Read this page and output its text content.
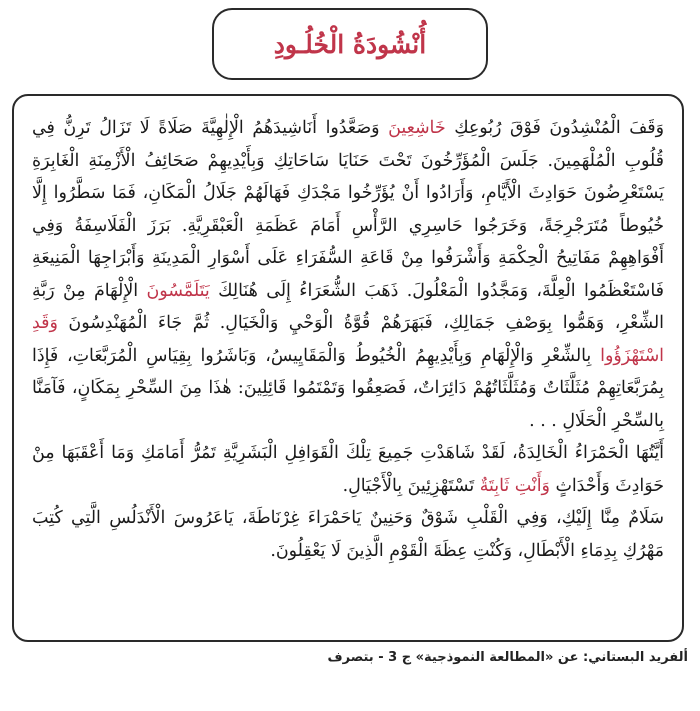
أُنْشُودَةُ الْخُلُـودِ

وَقَفَ الْمُنْشِدُونَ فَوْقَ رُبُوعِكِ خَاشِعِينَ وَصَعَّدُوا أَنَاشِيدَهُمُ الْإِلٰهِيَّةَ صَلَاةً لَا تَزَالُ تَرِنُّ فِي قُلُوبِ الْمُلْهَمِينَ. جَلَسَ الْمُؤَرِّخُونَ تَحْتَ حَنَايَا سَاحَاتِكِ وَبِأَيْدِيهِمْ صَحَائِفُ الْأَزْمِنَةِ الْغَابِرَةِ يَسْتَعْرِضُونَ حَوَادِثَ الْأَيَّامِ، وَأَرَادُوا أَنْ يُؤَرِّخُوا مَجْدَكِ فَهَالَهُمْ جَلَالُ الْمَكَانِ، فَمَا سَطَّرُوا إِلَّا خُيُوطاً مُتَرَجْرِجَةً، وَخَرَجُوا حَاسِرِي الرَّأْسِ أَمَامَ عَظَمَةِ الْعَبْقَرِيَّةِ. بَرَزَ الْفَلَاسِفَةُ وَفِي أَفْوَاهِهِمْ مَفَاتِيحُ الْحِكْمَةِ وَأَشْرَفُوا مِنْ قَاعَةِ السُّفَرَاءِ عَلَى أَسْوَارِ الْمَدِينَةِ وَأَبْرَاجِهَا الْمَنِيعَةِ فَاسْتَعْظَمُوا الْعِلَّةَ، وَمَجَّدُوا الْمَعْلُولَ. ذَهَبَ الشُّعَرَاءُ إِلَى هُنَالِكَ يَتَلَمَّسُونَ الْإِلْهَامَ مِنْ رَبَّةِ الشِّعْرِ، وَهَمُّوا بِوَصْفِ جَمَالِكِ، فَبَهَرَهُمْ قُوَّةُ الْوَحْيِ وَالْخَيَالِ. ثُمَّ جَاءَ الْمُهَنْدِسُونَ وَقَدِ اسْتَهْزَؤُوا بِالشِّعْرِ وَالْإِلْهَامِ وَبِأَيْدِيهِمُ الْخُيُوطُ وَالْمَقَايِيسُ، وَبَاشَرُوا بِقِيَاسِ الْمُرَبَّعَاتِ، فَإِذَا بِمُرَبَّعَاتِهِمْ مُثَلَّثَاتٌ وَمُثَلَّثَاتُهُمْ دَائِرَاتٌ، فَصَعِقُوا وَتَمْتَمُوا قَائِلِينَ: هٰذَا مِنَ السِّحْرِ بِمَكَانٍ، فَآمَنَّا بِالسِّحْرِ الْحَلَالِ . . .

أَيَّتُهَا الْحَمْرَاءُ الْخَالِدَةُ، لَقَدْ شَاهَدْتِ جَمِيعَ تِلْكَ الْقَوَافِلِ الْبَشَرِيَّةِ تَمُرُّ أَمَامَكِ وَمَا أَعْقَبَهَا مِنْ حَوَادِثَ وَأَحْدَاثٍ وَأَنْتِ ثَابِتَةٌ تَسْتَهْزِئِينَ بِالْأَجْيَالِ.

سَلَامٌ مِنَّا إِلَيْكِ، وَفِي الْقَلْبِ شَوْقٌ وَحَنِينٌ يَاحَمْرَاءَ غِرْنَاطَةَ، يَاعَرُوسَ الْأَنْدَلُسِ الَّتِي كُتِبَ مَهْرُكِ بِدِمَاءِ الْأَبْطَالِ، وَكُنْتِ عِظَةَ الْقَوْمِ الَّذِينَ لَا يَعْقِلُونَ.

ألفريد البستاني: عن «المطالعة النموذجية» ج 3 - بتصرف
